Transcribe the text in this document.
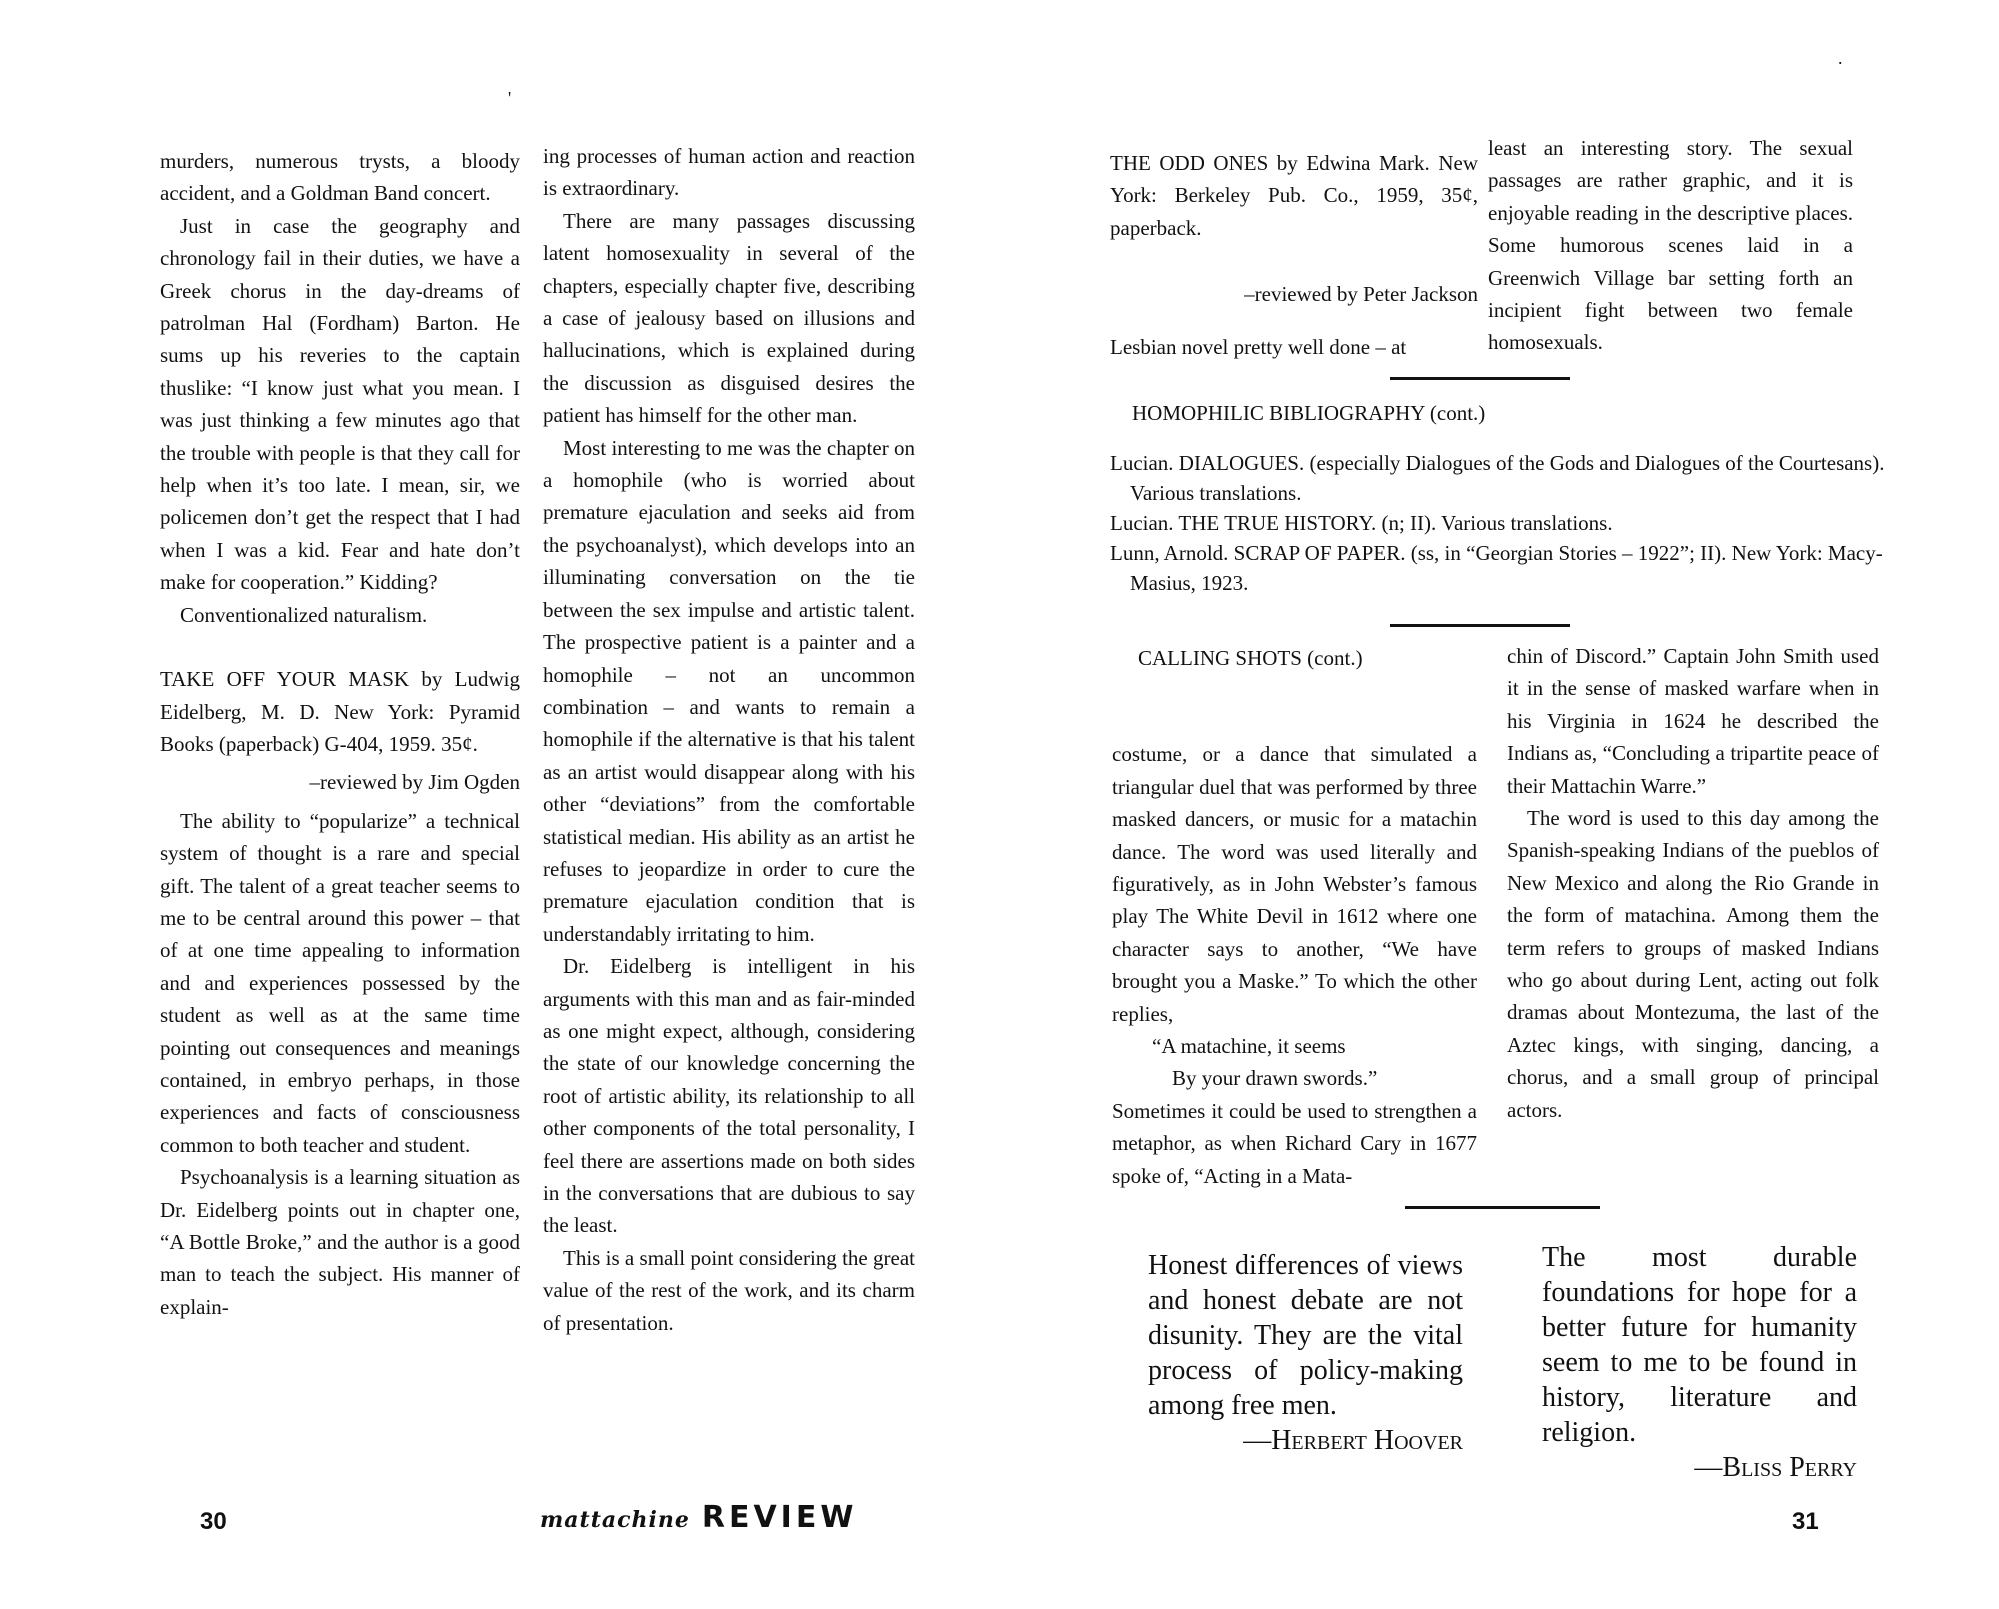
'

murders, numerous trysts, a bloody accident, and a Goldman Band concert.

Just in case the geography and chronology fail in their duties, we have a Greek chorus in the day-dreams of patrolman Hal (Fordham) Barton. He sums up his reveries to the captain thuslike: “I know just what you mean. I was just thinking a few minutes ago that the trouble with people is that they call for help when it’s too late. I mean, sir, we policemen don’t get the respect that I had when I was a kid. Fear and hate don’t make for cooperation.” Kidding?

Conventionalized naturalism.

TAKE OFF YOUR MASK by Ludwig Eidelberg, M. D. New York: Pyramid Books (paperback) G-404, 1959. 35¢.

–reviewed by Jim Ogden

The ability to “popularize” a technical system of thought is a rare and special gift. The talent of a great teacher seems to me to be central around this power – that of at one time appealing to information and and experiences possessed by the student as well as at the same time pointing out consequences and meanings contained, in embryo perhaps, in those experiences and facts of consciousness common to both teacher and student.

Psychoanalysis is a learning situation as Dr. Eidelberg points out in chapter one, “A Bottle Broke,” and the author is a good man to teach the subject. His manner of explain-

ing processes of human action and reaction is extraordinary.

There are many passages discussing latent homosexuality in several of the chapters, especially chapter five, describing a case of jealousy based on illusions and hallucinations, which is explained during the discussion as disguised desires the patient has himself for the other man.

Most interesting to me was the chapter on a homophile (who is worried about premature ejaculation and seeks aid from the psychoanalyst), which develops into an illuminating conversation on the tie between the sex impulse and artistic talent. The prospective patient is a painter and a homophile – not an uncommon combination – and wants to remain a homophile if the alternative is that his talent as an artist would disappear along with his other “deviations” from the comfortable statistical median. His ability as an artist he refuses to jeopardize in order to cure the premature ejaculation condition that is understandably irritating to him.

Dr. Eidelberg is intelligent in his arguments with this man and as fair-minded as one might expect, although, considering the state of our knowledge concerning the root of artistic ability, its relationship to all other components of the total personality, I feel there are assertions made on both sides in the conversations that are dubious to say the least.

This is a small point considering the great value of the rest of the work, and its charm of presentation.

30	mattachine REVIEW
.

THE ODD ONES by Edwina Mark. New York: Berkeley Pub. Co., 1959, 35¢, paperback.

–reviewed by Peter Jackson

Lesbian novel pretty well done – at

least an interesting story. The sexual passages are rather graphic, and it is enjoyable reading in the descriptive places. Some humorous scenes laid in a Greenwich Village bar setting forth an incipient fight between two female homosexuals.

HOMOPHILIC BIBLIOGRAPHY (cont.)

Lucian. DIALOGUES. (especially Dialogues of the Gods and Dialogues of the Courtesans). Various translations.

Lucian. THE TRUE HISTORY. (n; II). Various translations.

Lunn, Arnold. SCRAP OF PAPER. (ss, in “Georgian Stories – 1922”; II). New York: Macy-Masius, 1923.

CALLING SHOTS (cont.)

costume, or a dance that simulated a triangular duel that was performed by three masked dancers, or music for a matachin dance. The word was used literally and figuratively, as in John Webster’s famous play The White Devil in 1612 where one character says to another, “We have brought you a Maske.” To which the other replies,

“A matachine, it seems

By your drawn swords.”

Sometimes it could be used to strengthen a metaphor, as when Richard Cary in 1677 spoke of, “Acting in a Mata-

chin of Discord.” Captain John Smith used it in the sense of masked warfare when in his Virginia in 1624 he described the Indians as, “Concluding a tripartite peace of their Mattachin Warre.”

The word is used to this day among the Spanish-speaking Indians of the pueblos of New Mexico and along the Rio Grande in the form of matachina. Among them the term refers to groups of masked Indians who go about during Lent, acting out folk dramas about Montezuma, the last of the Aztec kings, with singing, dancing, a chorus, and a small group of principal actors.

Honest differences of views and honest debate are not disunity. They are the vital process of policy-making among free men.

—Herbert Hoover

The most durable foundations for hope for a better future for humanity seem to me to be found in history, literature and religion.

—Bliss Perry

31
